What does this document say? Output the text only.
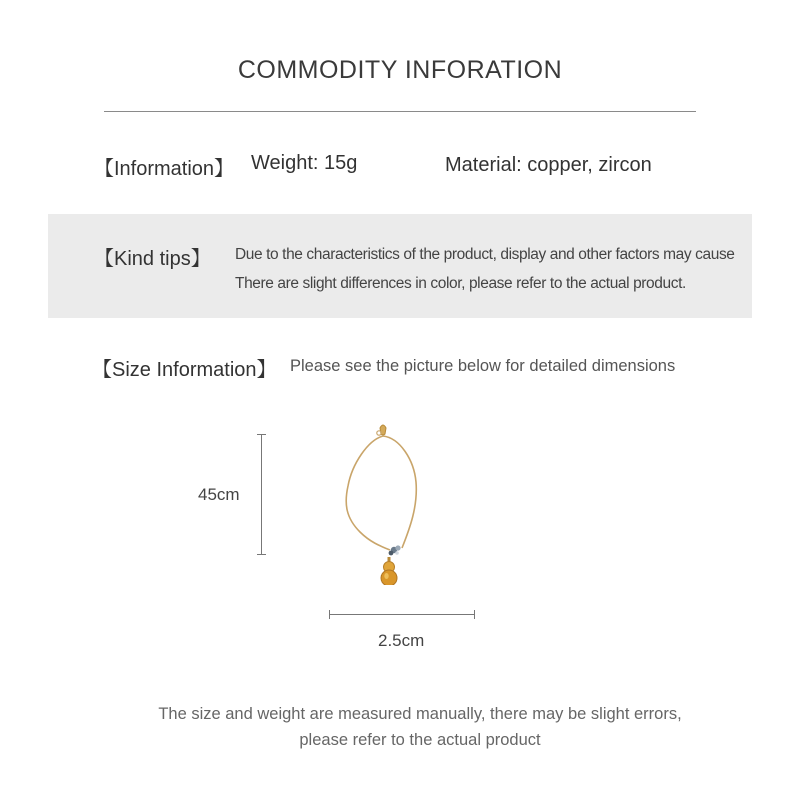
COMMODITY INFORATION
【Information】 Weight: 15g	Material: copper, zircon
【Kind tips】 Due to the characteristics of the product, display and other factors may cause
There are slight differences in color, please refer to the actual product.
【Size Information】 Please see the picture below for detailed dimensions
45cm
2.5cm
The size and weight are measured manually, there may be slight errors,
please refer to the actual product
